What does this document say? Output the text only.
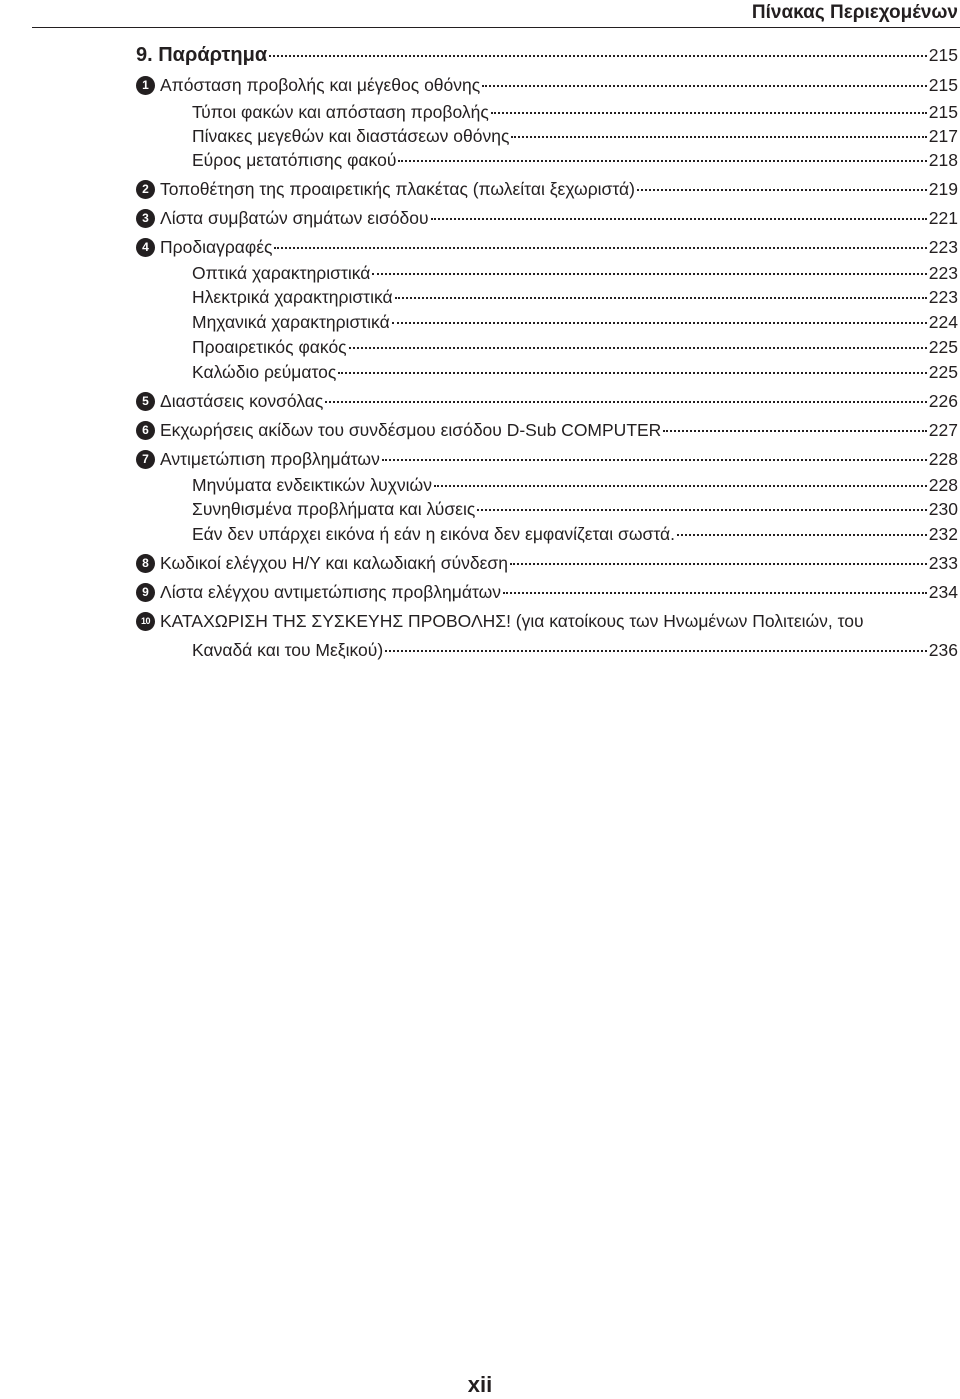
Πίνακας Περιεχομένων
9. Παράρτημα	215
1 Απόσταση προβολής και μέγεθος οθόνης	215
Τύποι φακών και απόσταση προβολής	215
Πίνακες μεγεθών και διαστάσεων οθόνης	217
Εύρος μετατόπισης φακού	218
2 Τοποθέτηση της προαιρετικής πλακέτας (πωλείται ξεχωριστά)	219
3 Λίστα συμβατών σημάτων εισόδου	221
4 Προδιαγραφές	223
Οπτικά χαρακτηριστικά	223
Ηλεκτρικά χαρακτηριστικά	223
Μηχανικά χαρακτηριστικά	224
Προαιρετικός φακός	225
Καλώδιο ρεύματος	225
5 Διαστάσεις κονσόλας	226
6 Εκχωρήσεις ακίδων του συνδέσμου εισόδου D-Sub COMPUTER	227
7 Αντιμετώπιση προβλημάτων	228
Μηνύματα ενδεικτικών λυχνιών	228
Συνηθισμένα προβλήματα και λύσεις	230
Εάν δεν υπάρχει εικόνα ή εάν η εικόνα δεν εμφανίζεται σωστά.	232
8 Κωδικοί ελέγχου Η/Υ και καλωδιακή σύνδεση	233
9 Λίστα ελέγχου αντιμετώπισης προβλημάτων	234
10 ΚΑΤΑΧΩΡΙΣΗ ΤΗΣ ΣΥΣΚΕΥΗΣ ΠΡΟΒΟΛΗΣ! (για κατοίκους των Ηνωμένων Πολιτειών, του
Καναδά και του Μεξικού)	236
xii
